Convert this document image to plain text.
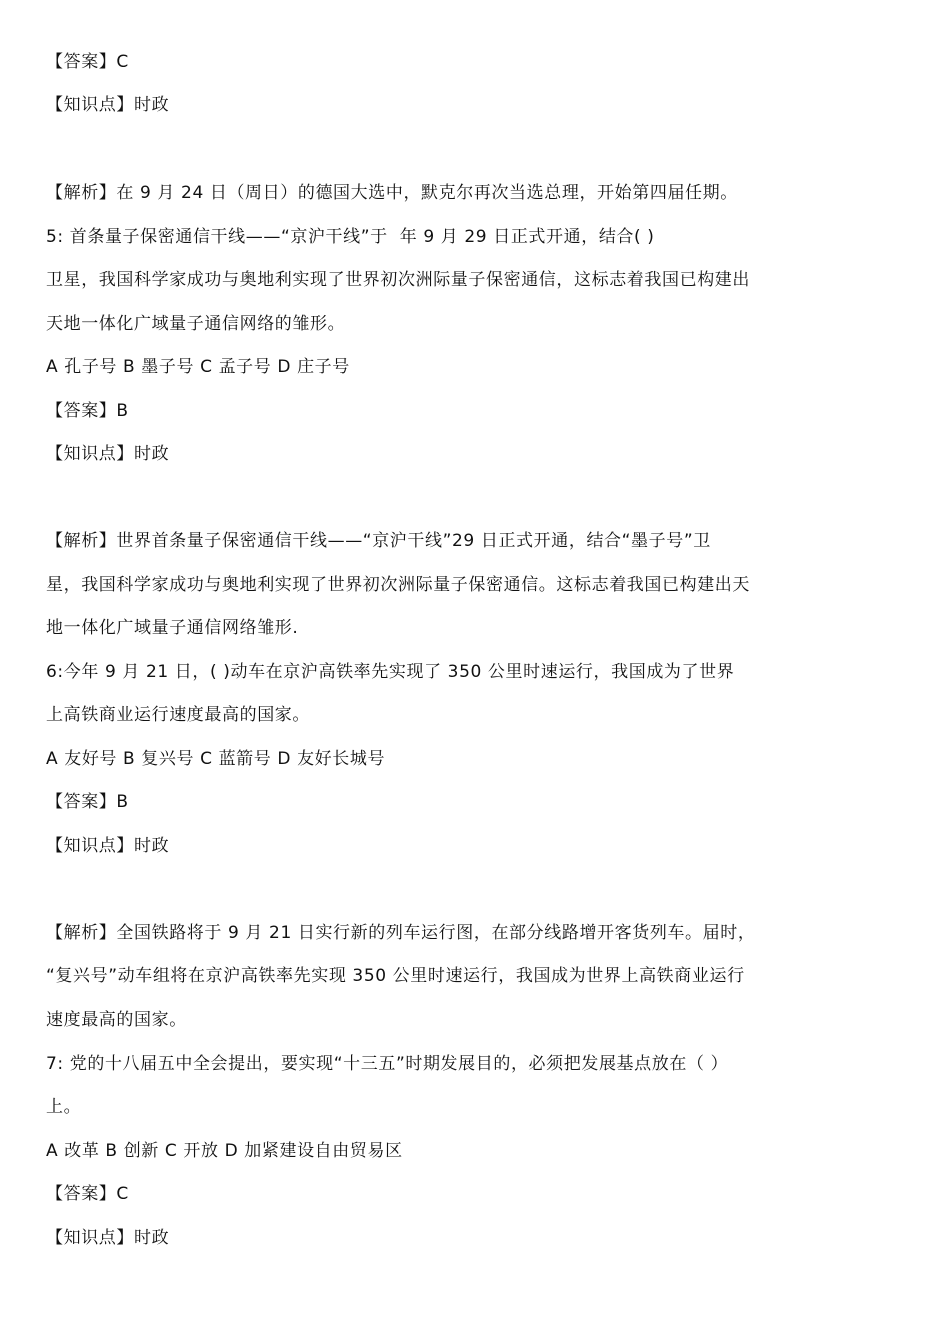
【答案】C

【知识点】时政

【解析】在 9 月 24 日（周日）的德国大选中，默克尔再次当选总理，开始第四届任期。

5: 首条量子保密通信干线——“京沪干线”于  年 9 月 29 日正式开通，结合( )

卫星，我国科学家成功与奥地利实现了世界初次洲际量子保密通信，这标志着我国已构建出

天地一体化广域量子通信网络的雏形。

A 孔子号 B 墨子号 C 孟子号 D 庄子号

【答案】B

【知识点】时政

【解析】世界首条量子保密通信干线——“京沪干线”29 日正式开通，结合“墨子号”卫

星，我国科学家成功与奥地利实现了世界初次洲际量子保密通信。这标志着我国已构建出天

地一体化广域量子通信网络雏形.

6:今年 9 月 21 日，( )动车在京沪高铁率先实现了 350 公里时速运行，我国成为了世界

上高铁商业运行速度最高的国家。

A 友好号 B 复兴号 C 蓝箭号 D 友好长城号

【答案】B

【知识点】时政

【解析】全国铁路将于 9 月 21 日实行新的列车运行图，在部分线路增开客货列车。届时，

“复兴号”动车组将在京沪高铁率先实现 350 公里时速运行，我国成为世界上高铁商业运行

速度最高的国家。

7: 党的十八届五中全会提出，要实现“十三五”时期发展目的，必须把发展基点放在（ ）

上。

A 改革 B 创新 C 开放 D 加紧建设自由贸易区

【答案】C

【知识点】时政
